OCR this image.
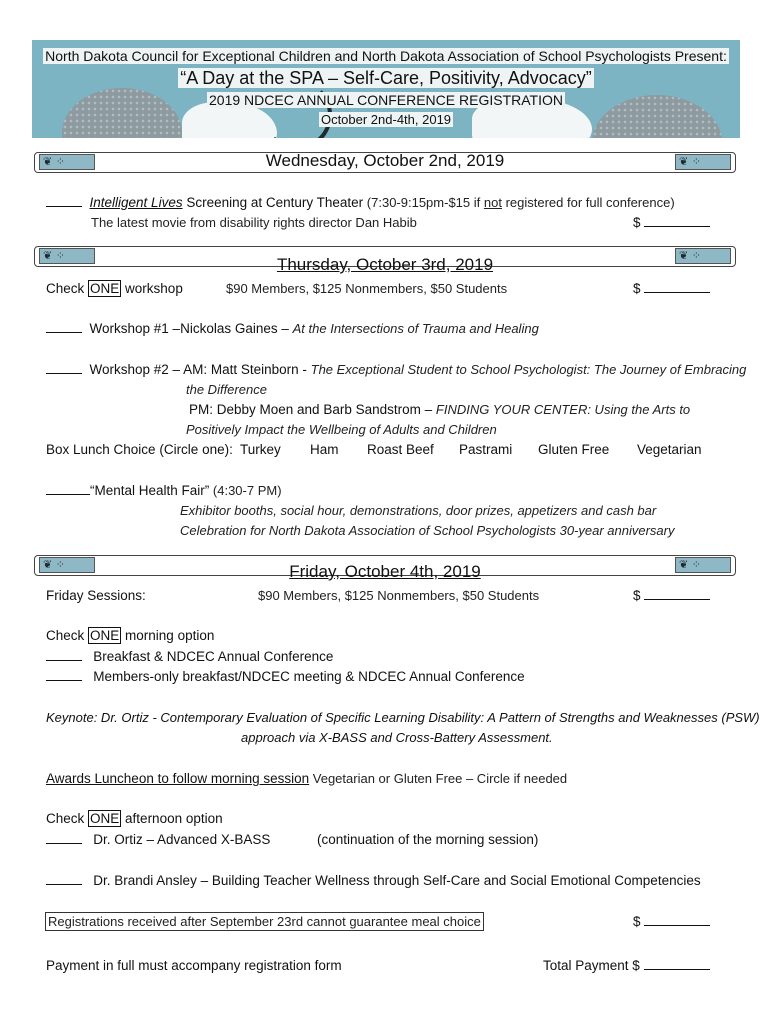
North Dakota Council for Exceptional Children and North Dakota Association of School Psychologists Present:
“A Day at the SPA – Self-Care, Positivity, Advocacy”
2019 NDCEC ANNUAL CONFERENCE REGISTRATION
October 2nd-4th, 2019
❦ ⁘	❦ ⁘
Wednesday, October 2nd, 2019
Intelligent Lives Screening at Century Theater (7:30-9:15pm-$15 if not registered for full conference)
The latest movie from disability rights director Dan Habib	$
❦ ⁘	❦ ⁘
Thursday, October 3rd, 2019
Check ONE workshop	$90 Members, $125 Nonmembers, $50 Students	$
Workshop #1 –Nickolas Gaines – At the Intersections of Trauma and Healing
Workshop #2 – AM: Matt Steinborn - The Exceptional Student to School Psychologist: The Journey of Embracing
the Difference
PM: Debby Moen and Barb Sandstrom – FINDING YOUR CENTER: Using the Arts to
Positively Impact the Wellbeing of Adults and Children
Box Lunch Choice (Circle one): Turkey Ham Roast Beef Pastrami Gluten Free Vegetarian
“Mental Health Fair” (4:30-7 PM)
Exhibitor booths, social hour, demonstrations, door prizes, appetizers and cash bar
Celebration for North Dakota Association of School Psychologists 30-year anniversary
❦ ⁘	❦ ⁘
Friday, October 4th, 2019
Friday Sessions:	$90 Members, $125 Nonmembers, $50 Students	$
Check ONE morning option
Breakfast & NDCEC Annual Conference
Members-only breakfast/NDCEC meeting & NDCEC Annual Conference
Keynote: Dr. Ortiz - Contemporary Evaluation of Specific Learning Disability: A Pattern of Strengths and Weaknesses (PSW)
approach via X-BASS and Cross-Battery Assessment.
Awards Luncheon to follow morning session Vegetarian or Gluten Free – Circle if needed
Check ONE afternoon option
Dr. Ortiz – Advanced X-BASS	(continuation of the morning session)
Dr. Brandi Ansley – Building Teacher Wellness through Self-Care and Social Emotional Competencies
Registrations received after September 23rd cannot guarantee meal choice	$
Payment in full must accompany registration form	Total Payment $
